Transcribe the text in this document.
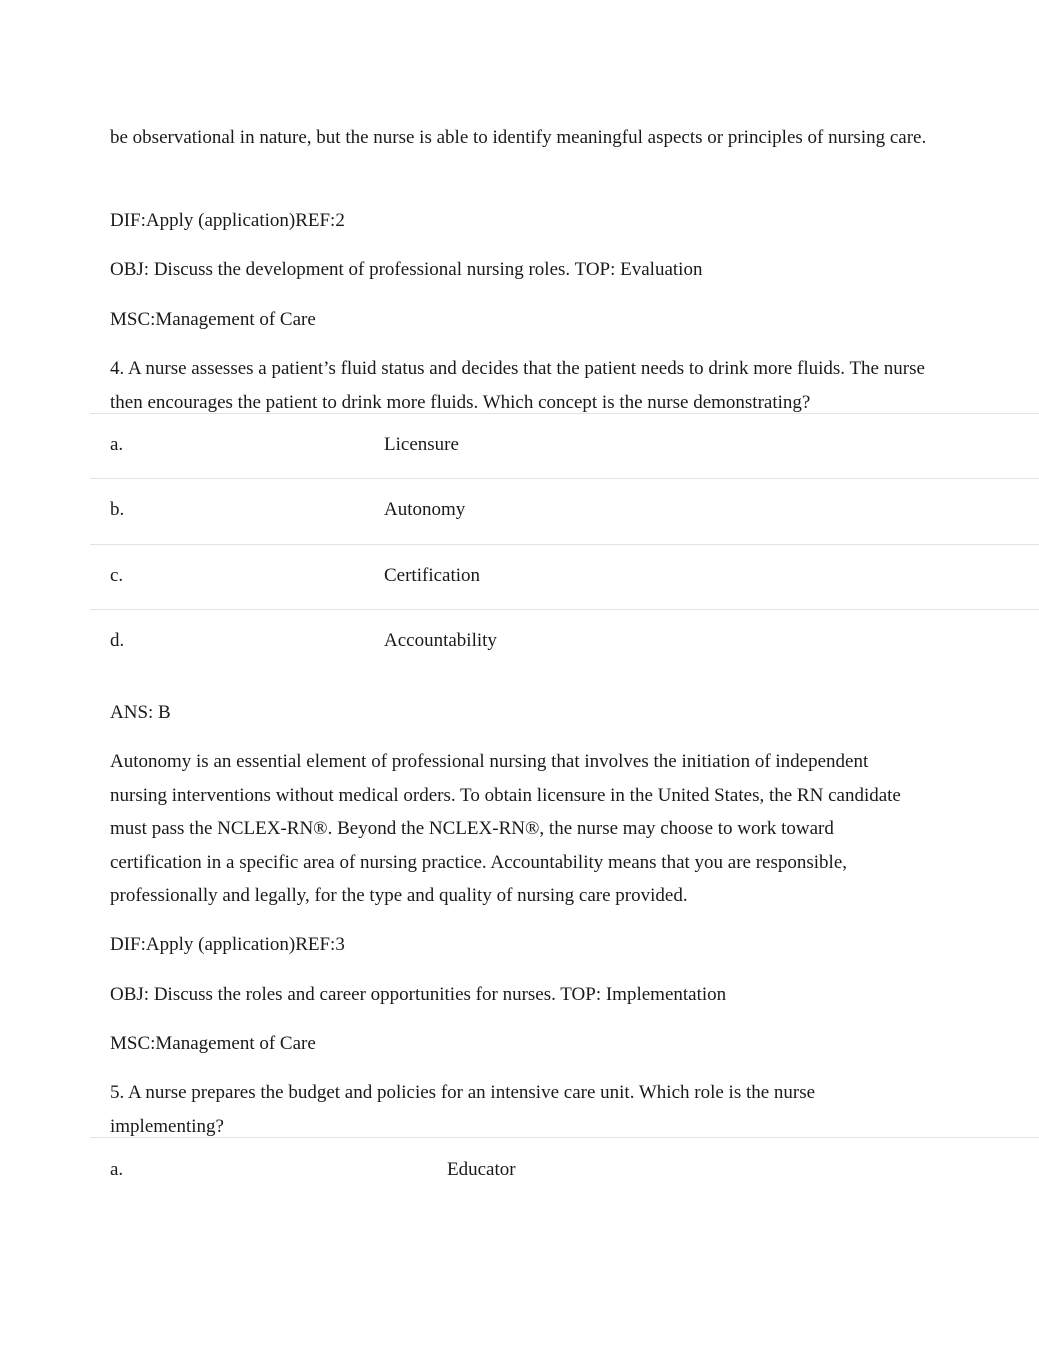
be observational in nature, but the nurse is able to identify meaningful aspects or principles of nursing care.

DIF:Apply (application)REF:2

OBJ: Discuss the development of professional nursing roles. TOP: Evaluation

MSC:Management of Care

4. A nurse assesses a patient’s fluid status and decides that the patient needs to drink more fluids. The nurse then encourages the patient to drink more fluids. Which concept is the nurse demonstrating?

a.	Licensure
b.	Autonomy
c.	Certification
d.	Accountability

ANS: B

Autonomy is an essential element of professional nursing that involves the initiation of independent nursing interventions without medical orders. To obtain licensure in the United States, the RN candidate must pass the NCLEX-RN®. Beyond the NCLEX-RN®, the nurse may choose to work toward certification in a specific area of nursing practice. Accountability means that you are responsible, professionally and legally, for the type and quality of nursing care provided.

DIF:Apply (application)REF:3

OBJ: Discuss the roles and career opportunities for nurses. TOP: Implementation

MSC:Management of Care

5. A nurse prepares the budget and policies for an intensive care unit. Which role is the nurse implementing?

a.	Educator
